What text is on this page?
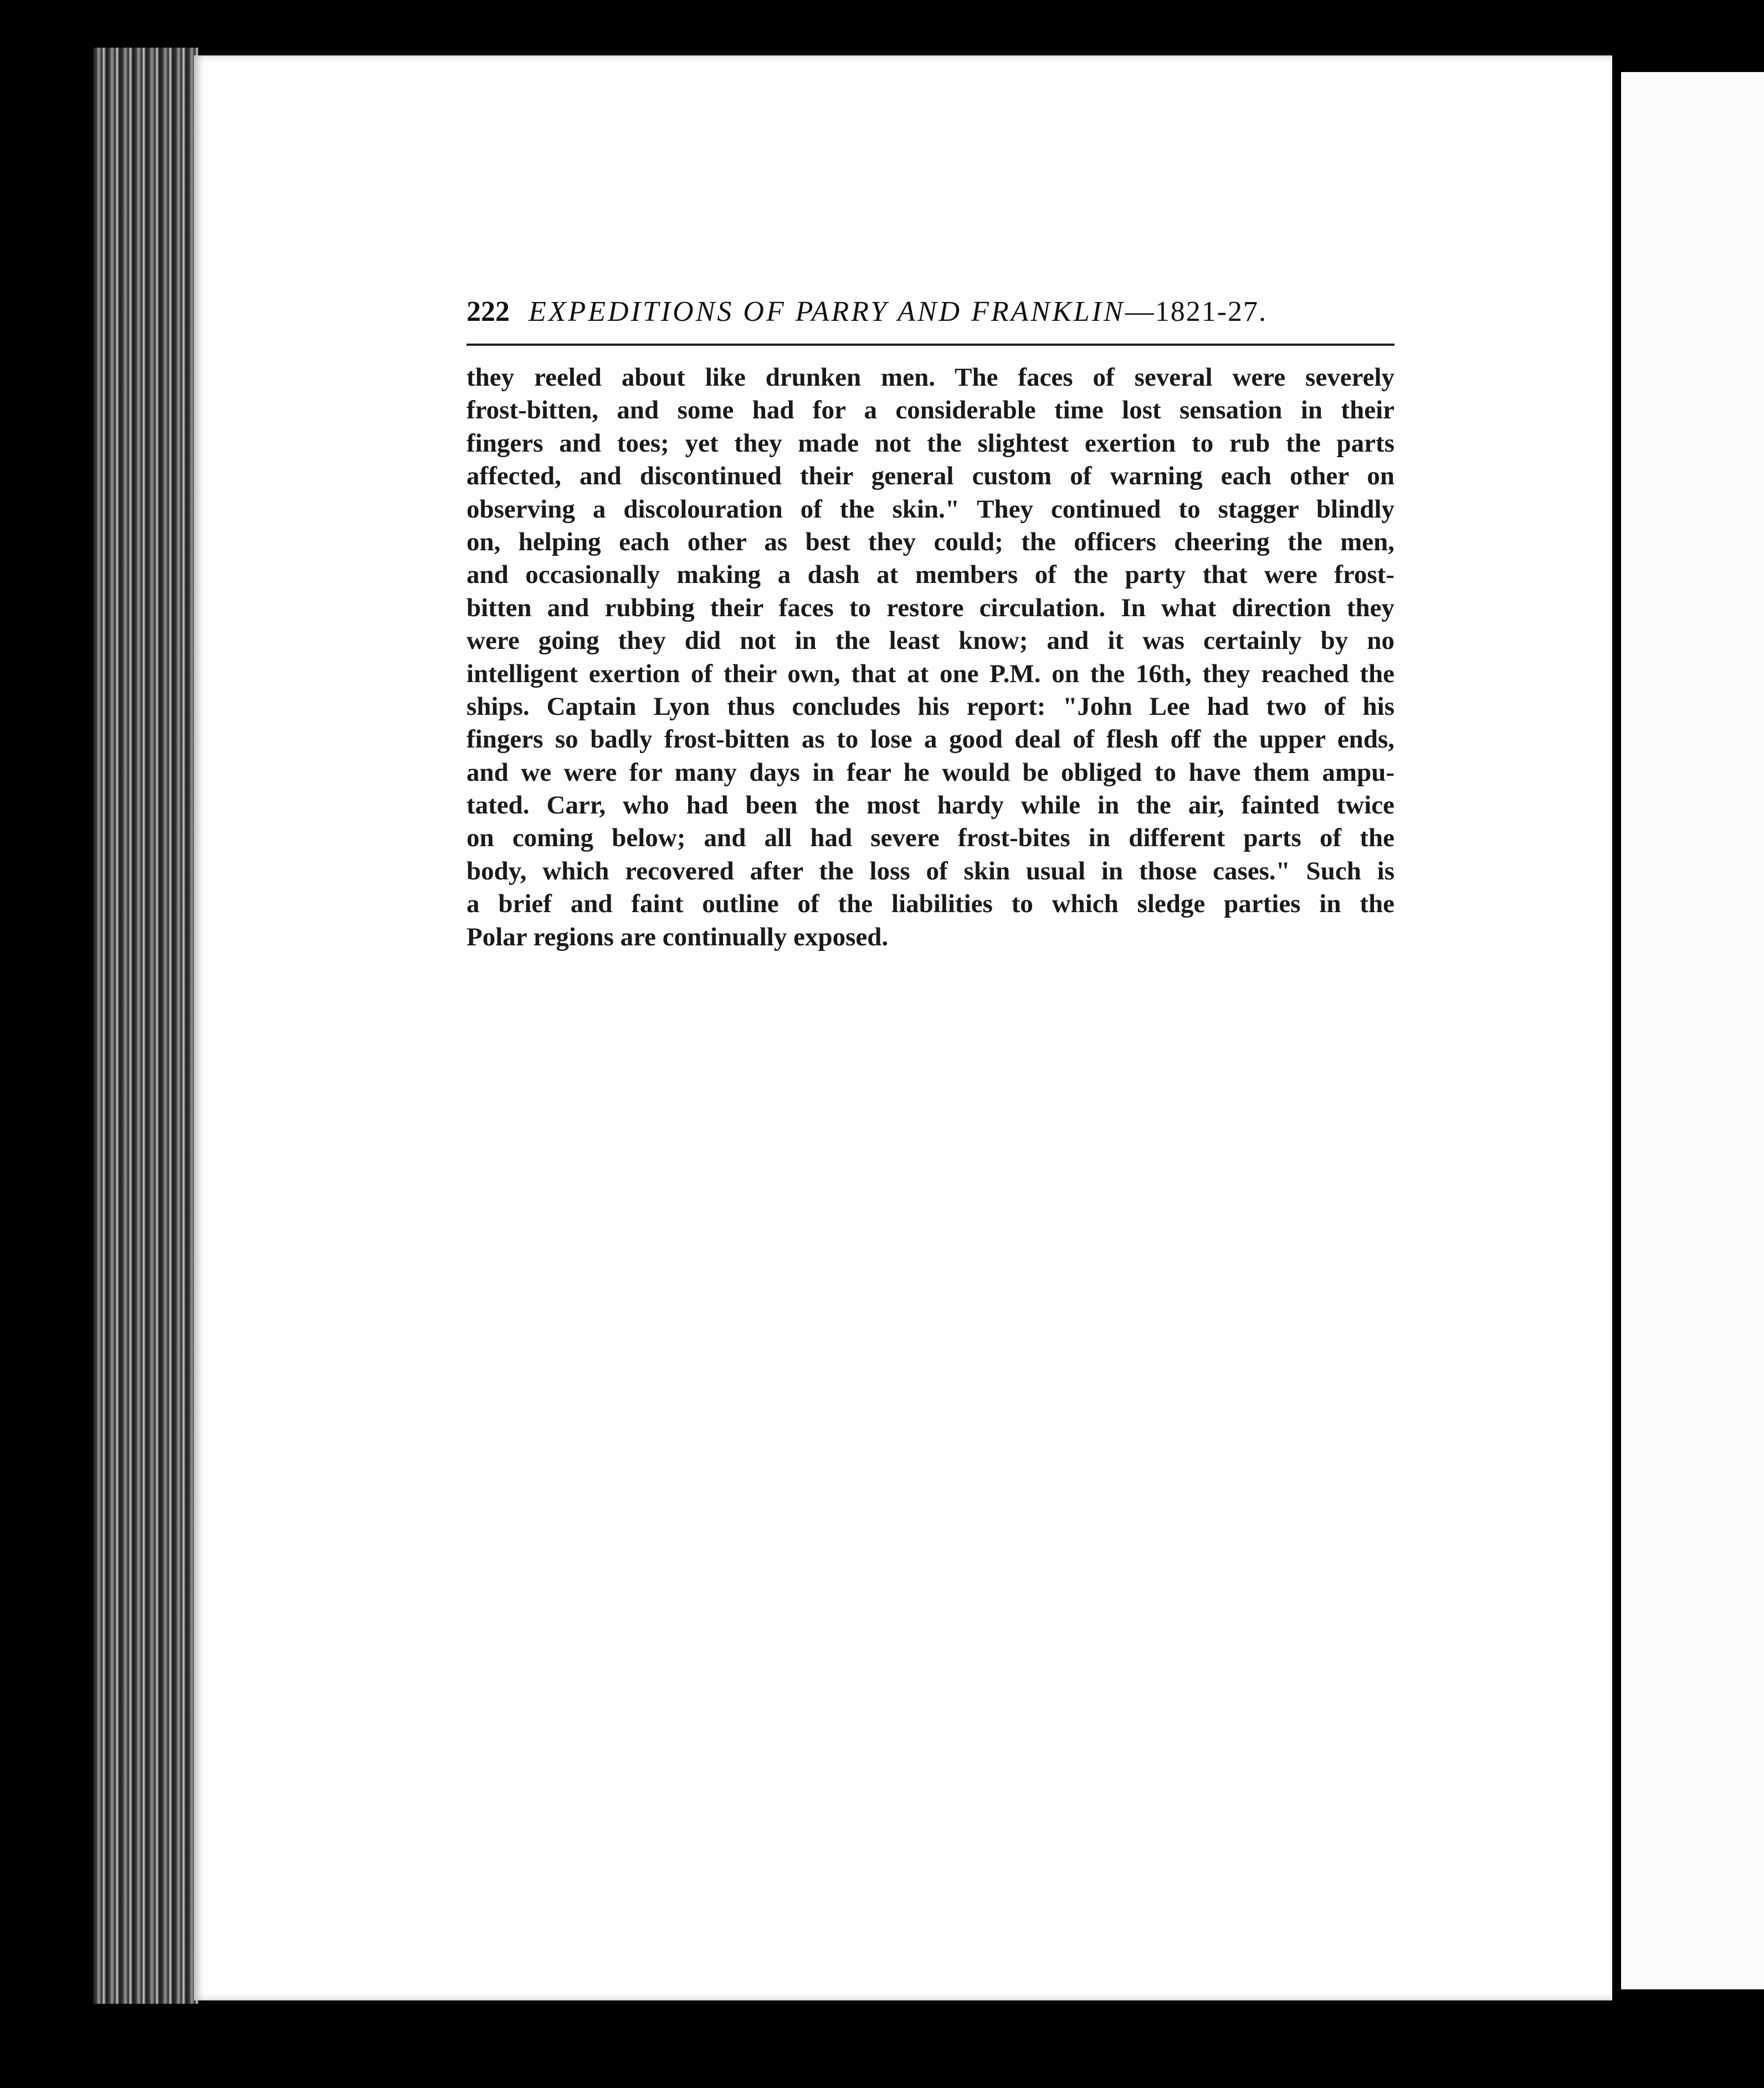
222 EXPEDITIONS OF PARRY AND FRANKLIN—1821-27.
they reeled about like drunken men. The faces of several were severely
frost-bitten, and some had for a considerable time lost sensation in their
fingers and toes; yet they made not the slightest exertion to rub the parts
affected, and discontinued their general custom of warning each other on
observing a discolouration of the skin." They continued to stagger blindly
on, helping each other as best they could; the officers cheering the men,
and occasionally making a dash at members of the party that were frost-
bitten and rubbing their faces to restore circulation. In what direction they
were going they did not in the least know; and it was certainly by no
intelligent exertion of their own, that at one P.M. on the 16th, they reached the
ships. Captain Lyon thus concludes his report: "John Lee had two of his
fingers so badly frost-bitten as to lose a good deal of flesh off the upper ends,
and we were for many days in fear he would be obliged to have them ampu-
tated. Carr, who had been the most hardy while in the air, fainted twice
on coming below; and all had severe frost-bites in different parts of the
body, which recovered after the loss of skin usual in those cases." Such is
a brief and faint outline of the liabilities to which sledge parties in the
Polar regions are continually exposed.
